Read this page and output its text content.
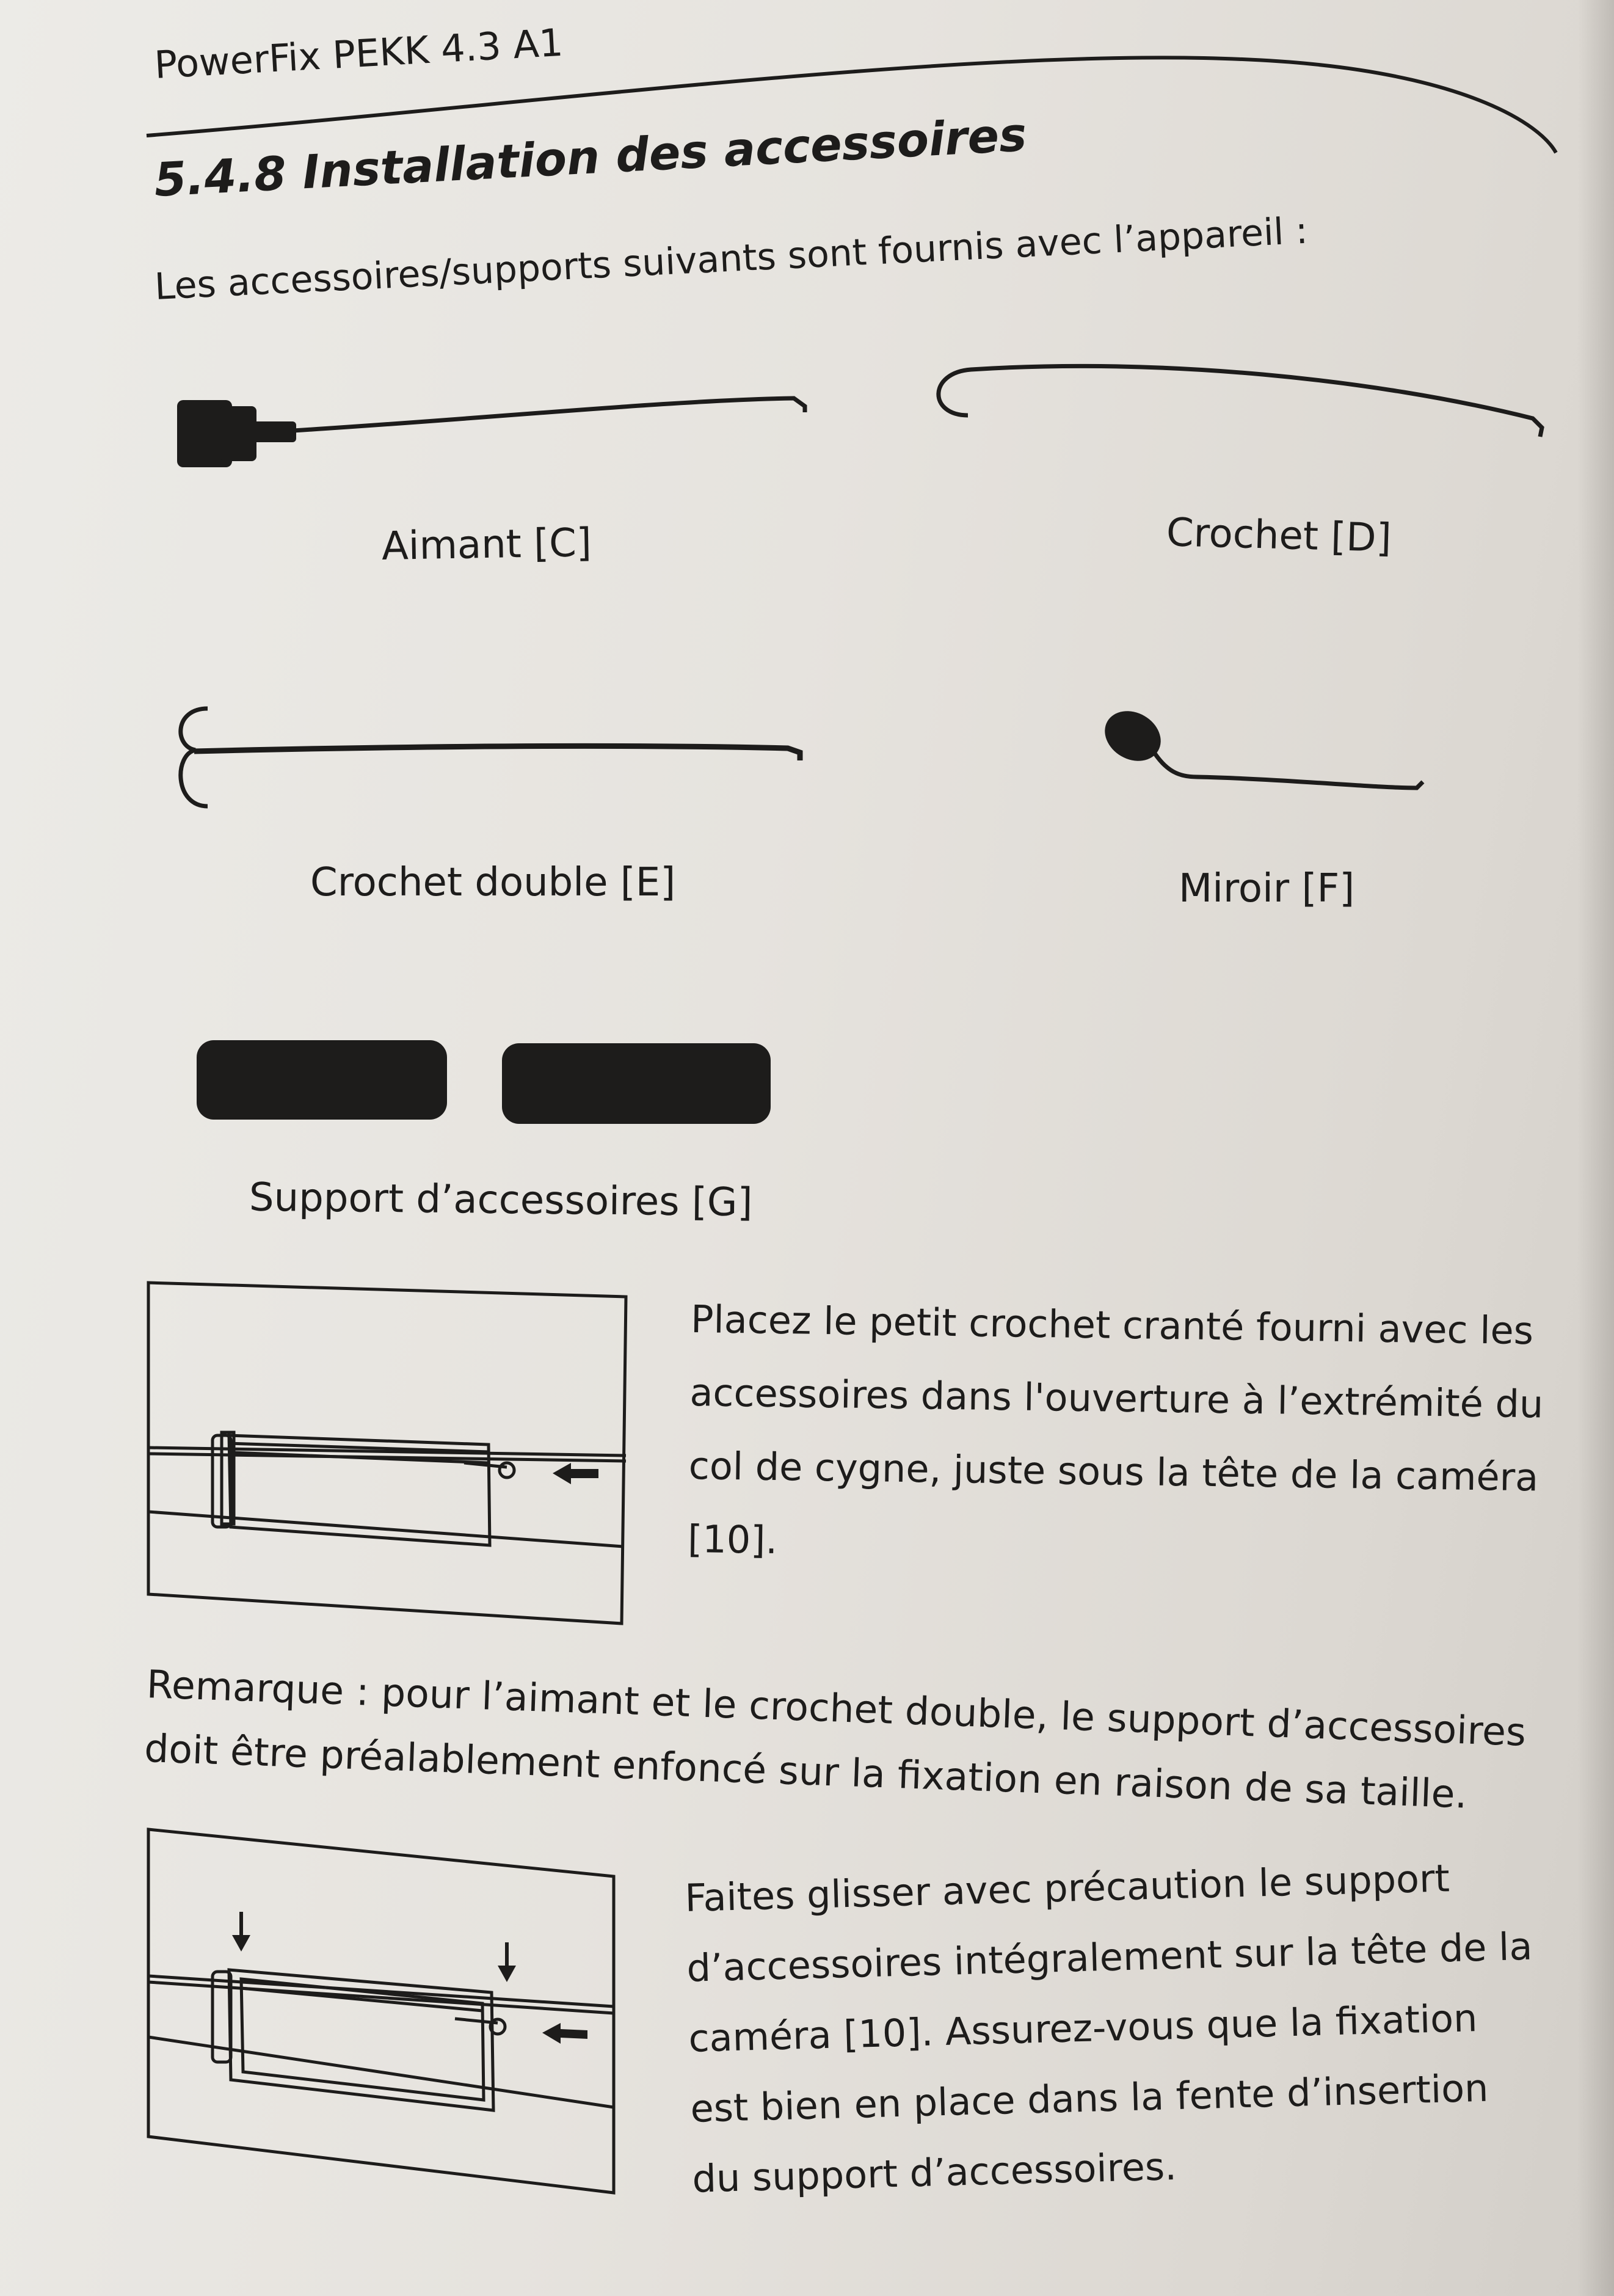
PowerFix PEKK 4.3 A1
5.4.8 Installation des accessoires
Les accessoires/supports suivants sont fournis avec l’appareil :
Aimant [C]	Crochet [D]
Crochet double [E]	Miroir [F]
Support d’accessoires [G]
Placez le petit crochet cranté fourni avec les accessoires dans l'ouverture à l’extrémité du col de cygne, juste sous la tête de la caméra [10].
Remarque : pour l’aimant et le crochet double, le support d’accessoires doit être préalablement enfoncé sur la fixation en raison de sa taille.
Faites glisser avec précaution le support d’accessoires intégralement sur la tête de la caméra [10]. Assurez-vous que la fixation est bien en place dans la fente d’insertion du support d’accessoires.
